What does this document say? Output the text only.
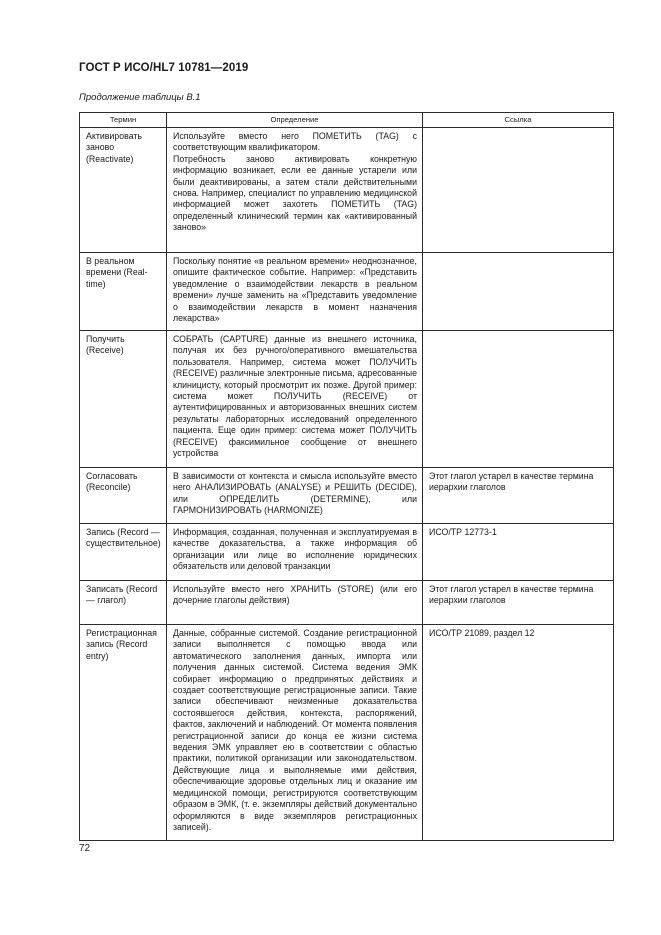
ГОСТ Р ИСО/HL7 10781—2019
Продолжение таблицы В.1
Термин	Определение	Ссылка
Активировать заново (Reactivate)	Используйте вместо него ПОМЕТИТЬ (TAG) с соответствующим квалификатором.
Потребность заново активировать конкретную информацию возникает, если ее данные устарели или были деактивированы, а затем стали действительными снова. Например, специалист по управлению медицинской информацией может захотеть ПОМЕТИТЬ (TAG) определенный клинический термин как «активированный заново»	

В реальном времени (Real-time)	Поскольку понятие «в реальном времени» неоднозначное, опишите фактическое событие. Например: «Представить уведомление о взаимодействии лекарств в реальном времени» лучше заменить на «Представить уведомление о взаимодействии лекарств в момент назначения лекарства»	

Получить (Receive)	СОБРАТЬ (CAPTURE) данные из внешнего источника, получая их без ручного/оперативного вмешательства пользователя. Например, система может ПОЛУЧИТЬ (RECEIVE) различные электронные письма, адресованные клиницисту, который просмотрит их позже. Другой пример: система может ПОЛУЧИТЬ (RECEIVE) от аутентифицированных и авторизованных внешних систем результаты лабораторных исследований определенного пациента. Еще один пример: система может ПОЛУЧИТЬ (RECEIVE) факсимильное сообщение от внешнего устройства	

Согласовать (Reconcile)	В зависимости от контекста и смысла используйте вместо него АНАЛИЗИРОВАТЬ (ANALYSE) и РЕШИТЬ (DECIDE), или ОПРЕДЕЛИТЬ (DETERMINE), или ГАРМОНИЗИРОВАТЬ (HARMONIZE)	Этот глагол устарел в качестве термина иерархии глаголов
Запись (Record — существительное)	Информация, созданная, полученная и эксплуатируемая в качестве доказательства, а также информация об организации или лице во исполнение юридических обязательств или деловой транзакции	ИСО/ТР 12773-1
Записать (Record — глагол)	Используйте вместо него ХРАНИТЬ (STORE) (или его дочерние глаголы действия)	Этот глагол устарел в качестве термина иерархии глаголов
Регистрационная запись (Record entry)	Данные, собранные системой. Создание регистрационной записи выполняется с помощью ввода или автоматического заполнения данных, импорта или получения данных системой. Система ведения ЭМК собирает информацию о предпринятых действиях и создает соответствующие регистрационные записи. Такие записи обеспечивают неизменные доказательства состоявшегося действия, контекста, распоряжений, фактов, заключений и наблюдений. От момента появления регистрационной записи до конца ее жизни система ведения ЭМК управляет ею в соответствии с областью практики, политикой организации или законодательством. Действующие лица и выполняемые ими действия, обеспечивающие здоровье отдельных лиц и оказание им медицинской помощи, регистрируются соответствующим образом в ЭМК, (т. е. экземпляры действий документально оформляются в виде экземпляров регистрационных записей).	ИСО/ТР 21089, раздел 12
72
